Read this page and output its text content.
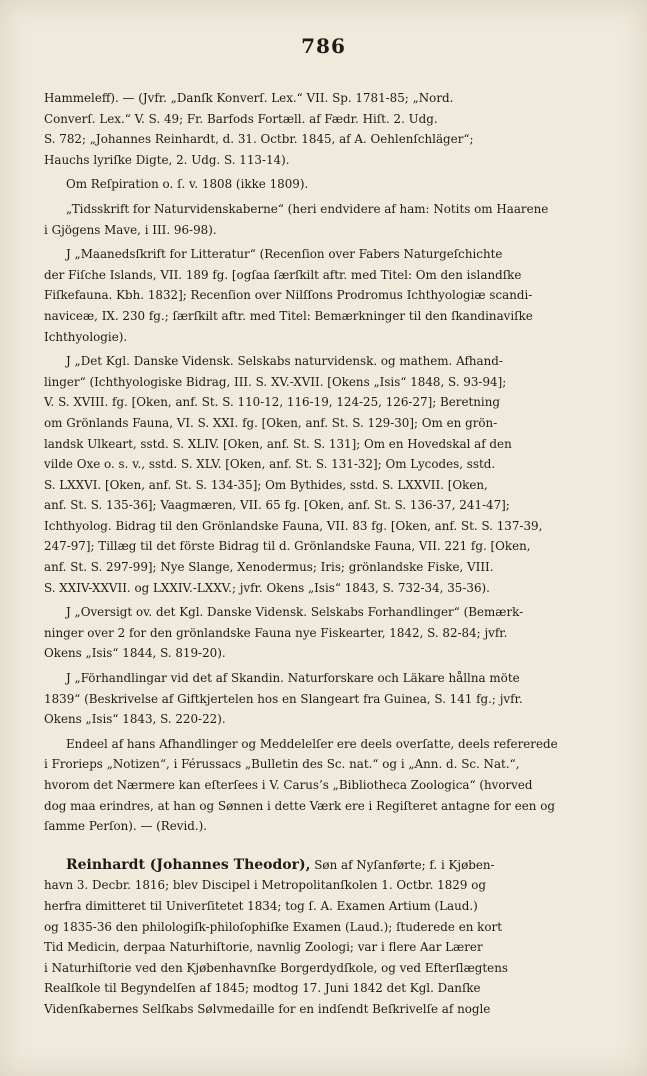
786
Hammeleff). — (Jvfr. „Danſk Konverſ. Lex.“ VII. Sp. 1781-85; „Nord.
Converſ. Lex.“ V. S. 49; Fr. Barfods Fortæll. af Fædr. Hiſt. 2. Udg.
S. 782; „Johannes Reinhardt, d. 31. Octbr. 1845, af A. Oehlenſchläger“;
Hauchs lyriſke Digte, 2. Udg. S. 113-14).
Om Reſpiration o. ſ. v. 1808 (ikke 1809).
„Tidsskrift for Naturvidenskaberne“ (heri endvidere af ham: Notits om Haarene
i Gjögens Mave, i III. 96-98).
J „Maanedsſkrift for Litteratur“ (Recenſion over Fabers Naturgeſchichte
der Fiſche Islands, VII. 189 fg. [ogſaa ſærſkilt aftr. med Titel: Om den islandſke
Fiſkefauna. Kbh. 1832]; Recenſion over Nilſſons Prodromus Ichthyologiæ scandi-
naviceæ, IX. 230 fg.; ſærſkilt aftr. med Titel: Bemærkninger til den ſkandinaviſke
Ichthyologie).
J „Det Kgl. Danske Vidensk. Selskabs naturvidensk. og mathem. Afhand-
linger“ (Ichthyologiske Bidrag, III. S. XV.-XVII. [Okens „Isis“ 1848, S. 93-94];
V. S. XVIII. fg. [Oken, anf. St. S. 110-12, 116-19, 124-25, 126-27]; Beretning
om Grönlands Fauna, VI. S. XXI. fg. [Oken, anf. St. S. 129-30]; Om en grön-
landsk Ulkeart, sstd. S. XLIV. [Oken, anf. St. S. 131]; Om en Hovedskal af den
vilde Oxe o. s. v., sstd. S. XLV. [Oken, anf. St. S. 131-32]; Om Lycodes, sstd.
S. LXXVI. [Oken, anf. St. S. 134-35]; Om Bythides, sstd. S. LXXVII. [Oken,
anf. St. S. 135-36]; Vaagmæren, VII. 65 fg. [Oken, anf. St. S. 136-37, 241-47];
Ichthyolog. Bidrag til den Grönlandske Fauna, VII. 83 fg. [Oken, anf. St. S. 137-39,
247-97]; Tillæg til det förste Bidrag til d. Grönlandske Fauna, VII. 221 fg. [Oken,
anf. St. S. 297-99]; Nye Slange, Xenodermus; Iris; grönlandske Fiske, VIII.
S. XXIV-XXVII. og LXXIV.-LXXV.; jvfr. Okens „Isis“ 1843, S. 732-34, 35-36).
J „Oversigt ov. det Kgl. Danske Vidensk. Selskabs Forhandlinger“ (Bemærk-
ninger over 2 for den grönlandske Fauna nye Fiskearter, 1842, S. 82-84; jvfr.
Okens „Isis“ 1844, S. 819-20).
J „Förhandlingar vid det af Skandin. Naturforskare och Läkare hållna möte
1839“ (Beskrivelse af Giftkjertelen hos en Slangeart fra Guinea, S. 141 fg.; jvfr.
Okens „Isis“ 1843, S. 220-22).
Endeel af hans Afhandlinger og Meddelelſer ere deels overſatte, deels refererede
i Frorieps „Notizen“, i Férussacs „Bulletin des Sc. nat.“ og i „Ann. d. Sc. Nat.“,
hvorom det Nærmere kan eſterſees i V. Carus’s „Bibliotheca Zoologica“ (hvorved
dog maa erindres, at han og Sønnen i dette Værk ere i Regiſteret antagne for een og
ſamme Perſon). — (Revid.).
Reinhardt (Johannes Theodor), Søn af Nyſanførte; f. i Kjøben-
havn 3. Decbr. 1816; blev Discipel i Metropolitanſkolen 1. Octbr. 1829 og
herfra dimitteret til Univerſitetet 1834; tog ſ. A. Examen Artium (Laud.)
og 1835-36 den philologiſk-philoſophiſke Examen (Laud.); ſtuderede en kort
Tid Medicin, derpaa Naturhiſtorie, navnlig Zoologi; var i flere Aar Lærer
i Naturhiſtorie ved den Kjøbenhavnſke Borgerdydſkole, og ved Efterſlægtens
Realſkole til Begyndelſen af 1845; modtog 17. Juni 1842 det Kgl. Danſke
Videnſkabernes Selſkabs Sølvmedaille for en indſendt Beſkrivelſe af nogle
